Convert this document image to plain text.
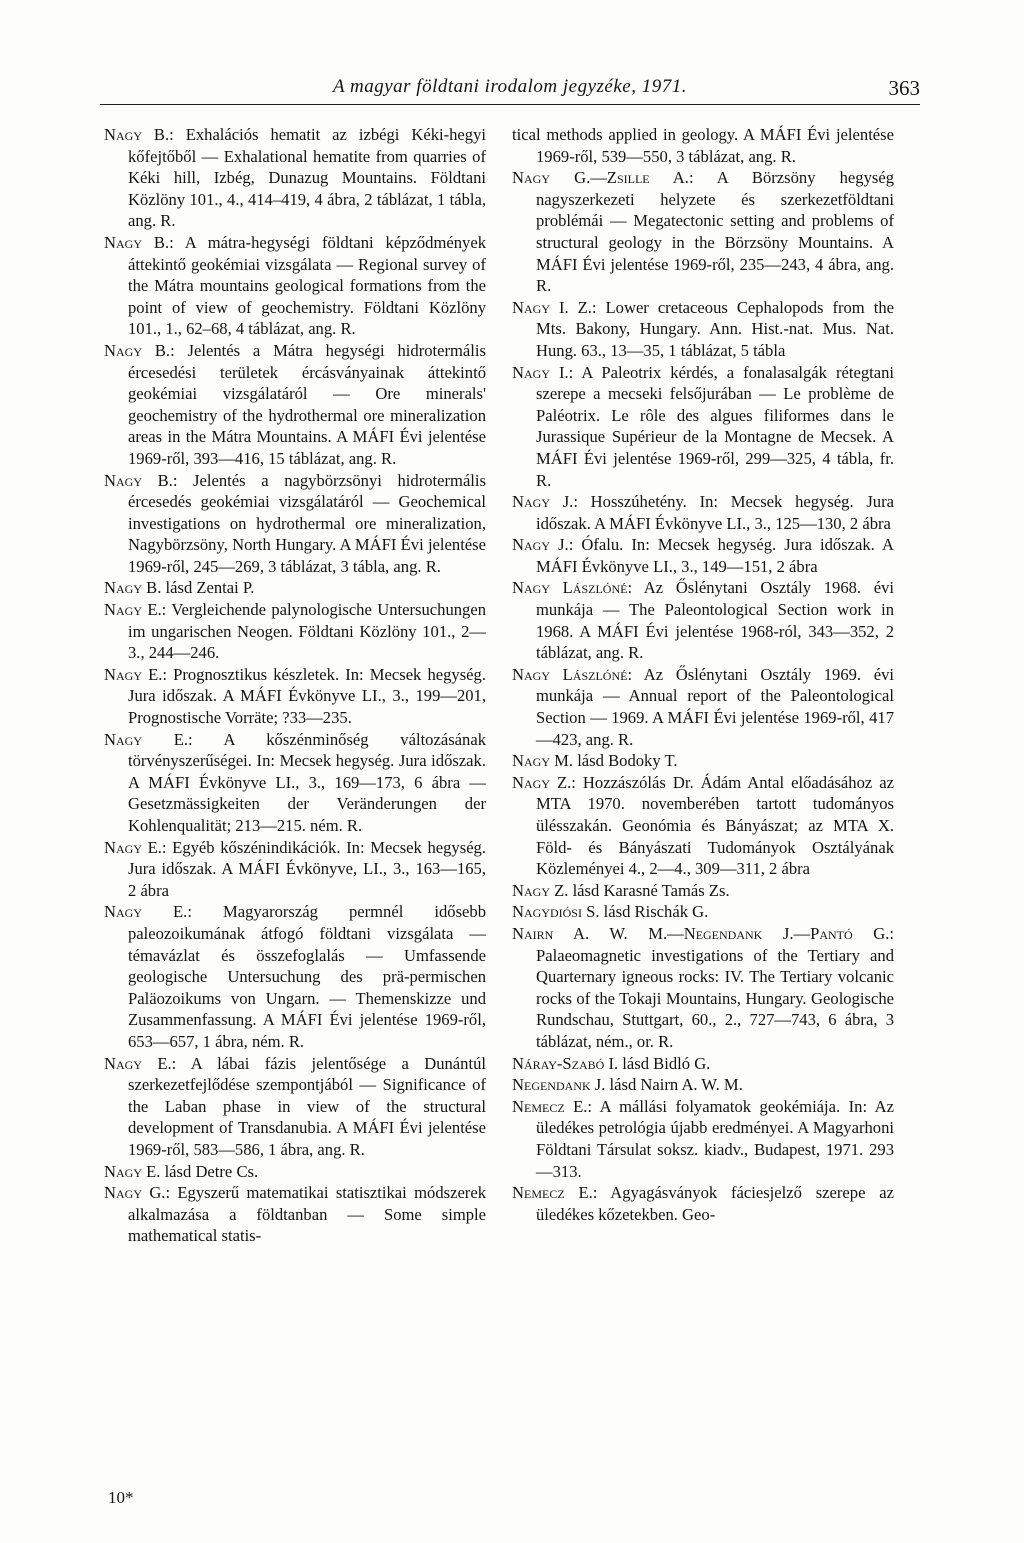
A magyar földtani irodalom jegyzéke, 1971.	363

Nagy B.: Exhalációs hematit az izbégi Kéki-hegyi kőfejtőből — Exhalational hematite from quarries of Kéki hill, Izbég, Dunazug Mountains. Földtani Közlöny 101., 4., 414–419, 4 ábra, 2 táblázat, 1 tábla, ang. R.

Nagy B.: A mátra-hegységi földtani képződmények áttekintő geokémiai vizsgálata — Regional survey of the Mátra mountains geological formations from the point of view of geochemistry. Földtani Közlöny 101., 1., 62–68, 4 táblázat, ang. R.

Nagy B.: Jelentés a Mátra hegységi hidrotermális ércesedési területek ércásványainak áttekintő geokémiai vizsgálatáról — Ore minerals' geochemistry of the hydrothermal ore mineralization areas in the Mátra Mountains. A MÁFI Évi jelentése 1969-ről, 393—416, 15 táblázat, ang. R.

Nagy B.: Jelentés a nagybörzsönyi hidrotermális ércesedés geokémiai vizsgálatáról — Geochemical investigations on hydrothermal ore mineralization, Nagybörzsöny, North Hungary. A MÁFI Évi jelentése 1969-ről, 245—269, 3 táblázat, 3 tábla, ang. R.

Nagy B. lásd Zentai P.

Nagy E.: Vergleichende palynologische Untersuchungen im ungarischen Neogen. Földtani Közlöny 101., 2—3., 244—246.

Nagy E.: Prognosztikus készletek. In: Mecsek hegység. Jura időszak. A MÁFI Évkönyve LI., 3., 199—201, Prognostische Vorräte; ?33—235.

Nagy E.: A kőszénminőség változásának törvényszerűségei. In: Mecsek hegység. Jura időszak. A MÁFI Évkönyve LI., 3., 169—173, 6 ábra — Gesetzmässigkeiten der Veränderungen der Kohlenqualität; 213—215. ném. R.

Nagy E.: Egyéb kőszénindikációk. In: Mecsek hegység. Jura időszak. A MÁFI Évkönyve, LI., 3., 163—165, 2 ábra

Nagy E.: Magyarország permnél idősebb paleozoikumának átfogó földtani vizsgálata — témavázlat és összefoglalás — Umfassende geologische Untersuchung des prä-permischen Paläozoikums von Ungarn. — Themenskizze und Zusammenfassung. A MÁFI Évi jelentése 1969-ről, 653—657, 1 ábra, ném. R.

Nagy E.: A lábai fázis jelentősége a Dunántúl szerkezetfejlődése szempontjából — Significance of the Laban phase in view of the structural development of Transdanubia. A MÁFI Évi jelentése 1969-ről, 583—586, 1 ábra, ang. R.

Nagy E. lásd Detre Cs.

Nagy G.: Egyszerű matematikai statisztikai módszerek alkalmazása a földtanban — Some simple mathematical statis-

tical methods applied in geology. A MÁFI Évi jelentése 1969-ről, 539—550, 3 táblázat, ang. R.

Nagy G.—Zsille A.: A Börzsöny hegység nagyszerkezeti helyzete és szerkezetföldtani problémái — Megatectonic setting and problems of structural geology in the Börzsöny Mountains. A MÁFI Évi jelentése 1969-ről, 235—243, 4 ábra, ang. R.

Nagy I. Z.: Lower cretaceous Cephalopods from the Mts. Bakony, Hungary. Ann. Hist.-nat. Mus. Nat. Hung. 63., 13—35, 1 táblázat, 5 tábla

Nagy I.: A Paleotrix kérdés, a fonalasalgák rétegtani szerepe a mecseki felsőjurában — Le problème de Paléotrix. Le rôle des algues filiformes dans le Jurassique Supérieur de la Montagne de Mecsek. A MÁFI Évi jelentése 1969-ről, 299—325, 4 tábla, fr. R.

Nagy J.: Hosszúhetény. In: Mecsek hegység. Jura időszak. A MÁFI Évkönyve LI., 3., 125—130, 2 ábra

Nagy J.: Ófalu. In: Mecsek hegység. Jura időszak. A MÁFI Évkönyve LI., 3., 149—151, 2 ábra

Nagy Lászlóné: Az Őslénytani Osztály 1968. évi munkája — The Paleontological Section work in 1968. A MÁFI Évi jelentése 1968-ról, 343—352, 2 táblázat, ang. R.

Nagy Lászlóné: Az Őslénytani Osztály 1969. évi munkája — Annual report of the Paleontological Section — 1969. A MÁFI Évi jelentése 1969-ről, 417—423, ang. R.

Nagy M. lásd Bodoky T.

Nagy Z.: Hozzászólás Dr. Ádám Antal előadásához az MTA 1970. novemberében tartott tudományos ülésszakán. Geonómia és Bányászat; az MTA X. Föld- és Bányászati Tudományok Osztályának Közleményei 4., 2—4., 309—311, 2 ábra

Nagy Z. lásd Karasné Tamás Zs.

Nagydiósi S. lásd Rischák G.

Nairn A. W. M.—Negendank J.—Pantó G.: Palaeomagnetic investigations of the Tertiary and Quarternary igneous rocks: IV. The Tertiary volcanic rocks of the Tokaji Mountains, Hungary. Geologische Rundschau, Stuttgart, 60., 2., 727—743, 6 ábra, 3 táblázat, ném., or. R.

Náray-Szabó I. lásd Bidló G.

Negendank J. lásd Nairn A. W. M.

Nemecz E.: A mállási folyamatok geokémiája. In: Az üledékes petrológia újabb eredményei. A Magyarhoni Földtani Társulat soksz. kiadv., Budapest, 1971. 293—313.

Nemecz E.: Agyagásványok fáciesjelző szerepe az üledékes kőzetekben. Geo-

10*
